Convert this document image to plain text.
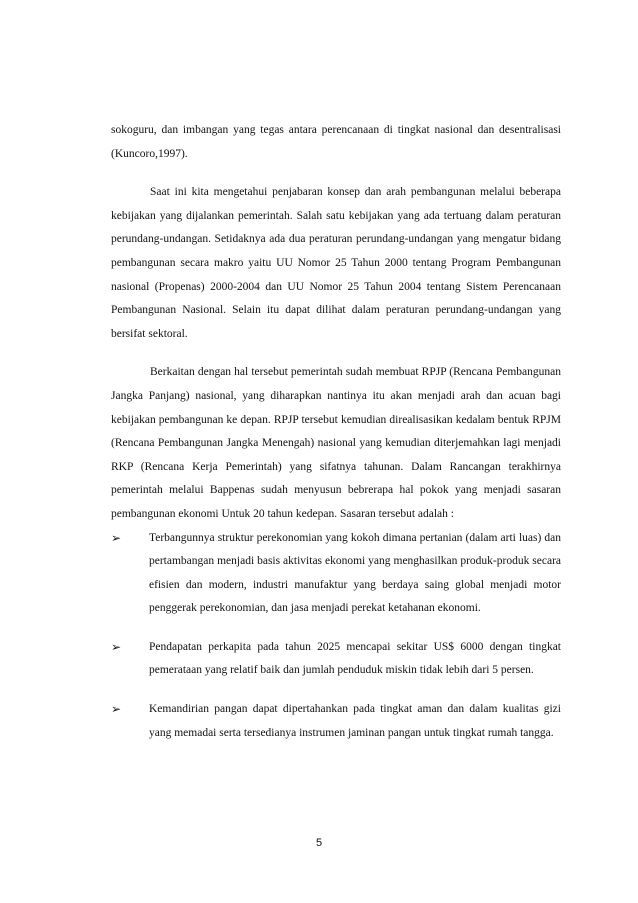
sokoguru, dan imbangan yang tegas antara perencanaan di tingkat nasional dan desentralisasi (Kuncoro,1997).

Saat ini kita mengetahui penjabaran konsep dan arah pembangunan melalui beberapa kebijakan yang dijalankan pemerintah. Salah satu kebijakan yang ada tertuang dalam peraturan perundang-undangan. Setidaknya ada dua peraturan perundang-undangan yang mengatur bidang pembangunan secara makro yaitu UU Nomor 25 Tahun 2000 tentang Program Pembangunan nasional (Propenas) 2000-2004 dan UU Nomor 25 Tahun 2004 tentang Sistem Perencanaan Pembangunan Nasional. Selain itu dapat dilihat dalam peraturan perundang-undangan yang bersifat sektoral.

Berkaitan dengan hal tersebut pemerintah sudah membuat RPJP (Rencana Pembangunan Jangka Panjang) nasional, yang diharapkan nantinya itu akan menjadi arah dan acuan bagi kebijakan pembangunan ke depan. RPJP tersebut kemudian direalisasikan kedalam bentuk RPJM (Rencana Pembangunan Jangka Menengah) nasional yang kemudian diterjemahkan lagi menjadi RKP (Rencana Kerja Pemerintah) yang sifatnya tahunan. Dalam Rancangan terakhirnya pemerintah melalui Bappenas sudah menyusun bebrerapa hal pokok yang menjadi sasaran pembangunan ekonomi Untuk 20 tahun kedepan. Sasaran tersebut adalah :

➢ Terbangunnya struktur perekonomian yang kokoh dimana pertanian (dalam arti luas) dan pertambangan menjadi basis aktivitas ekonomi yang menghasilkan produk-produk secara efisien dan modern, industri manufaktur yang berdaya saing global menjadi motor penggerak perekonomian, dan jasa menjadi perekat ketahanan ekonomi.

➢ Pendapatan perkapita pada tahun 2025 mencapai sekitar US$ 6000 dengan tingkat pemerataan yang relatif baik dan jumlah penduduk miskin tidak lebih dari 5 persen.

➢ Kemandirian pangan dapat dipertahankan pada tingkat aman dan dalam kualitas gizi yang memadai serta tersedianya instrumen jaminan pangan untuk tingkat rumah tangga.

5
